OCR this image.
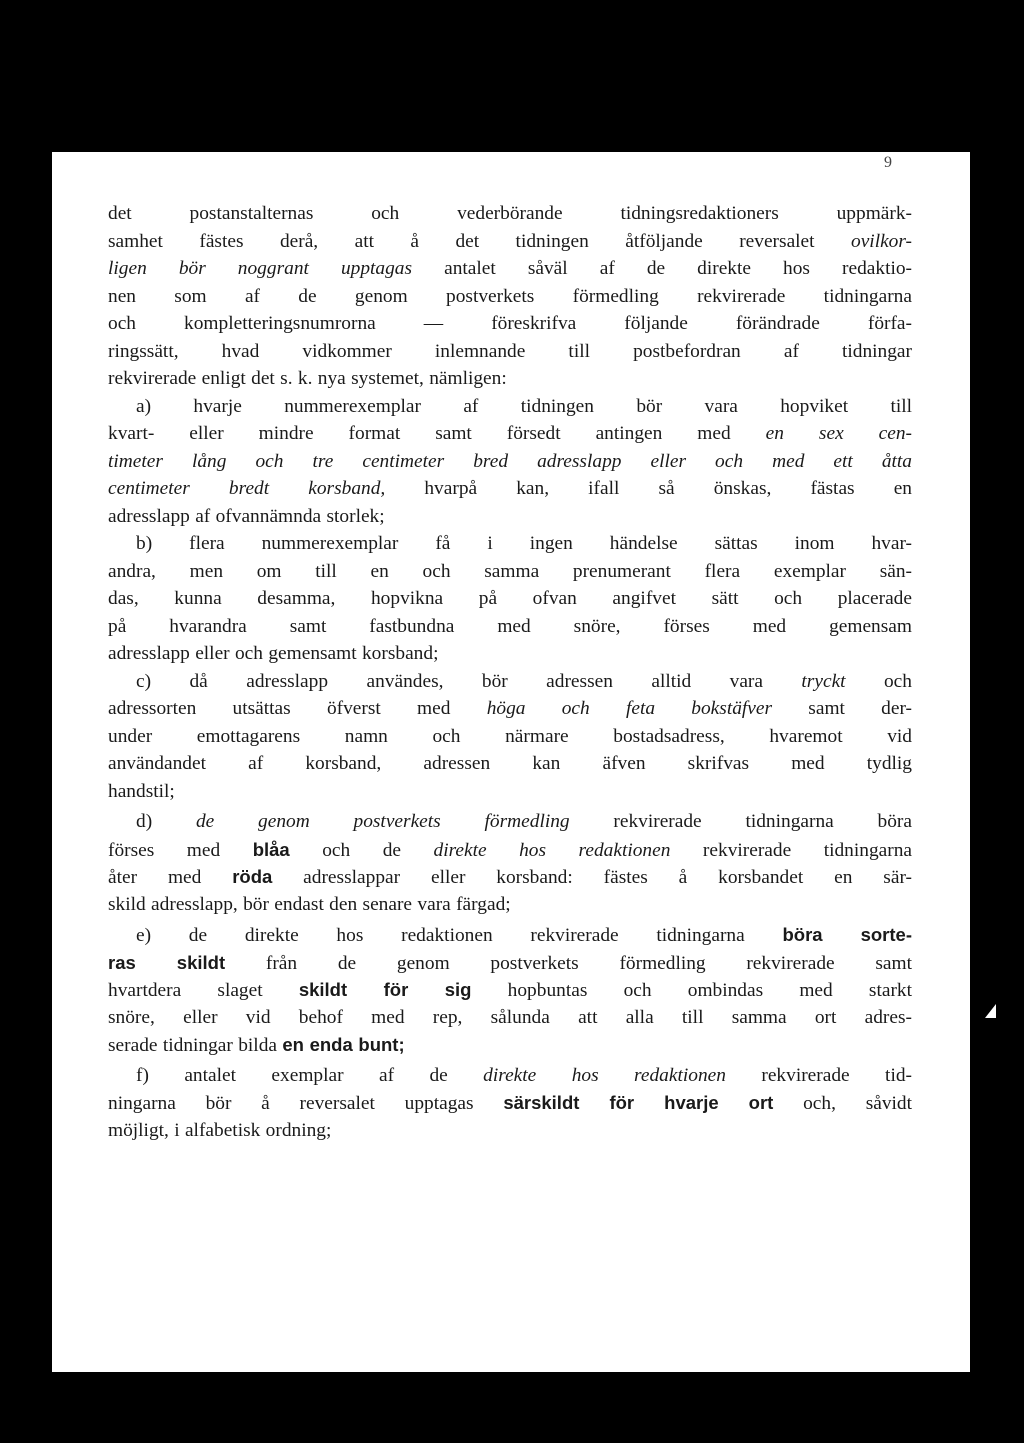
9
det postanstalternas och vederbörande tidningsredaktioners uppmärk-
samhet fästes derå, att å det tidningen åtföljande reversalet ovilkor-
ligen bör noggrant upptagas antalet såväl af de direkte hos redaktio-
nen som af de genom postverkets förmedling rekvirerade tidningarna
och kompletteringsnumrorna — föreskrifva följande förändrade förfa-
ringssätt, hvad vidkommer inlemnande till postbefordran af tidningar
rekvirerade enligt det s. k. nya systemet, nämligen:
a) hvarje nummerexemplar af tidningen bör vara hopviket till
kvart- eller mindre format samt försedt antingen med en sex cen-
timeter lång och tre centimeter bred adresslapp eller och med ett åtta
centimeter bredt korsband, hvarpå kan, ifall så önskas, fästas en
adresslapp af ofvannämnda storlek;
b) flera nummerexemplar få i ingen händelse sättas inom hvar-
andra, men om till en och samma prenumerant flera exemplar sän-
das, kunna desamma, hopvikna på ofvan angifvet sätt och placerade
på hvarandra samt fastbundna med snöre, förses med gemensam
adresslapp eller och gemensamt korsband;
c) då adresslapp användes, bör adressen alltid vara tryckt och
adressorten utsättas öfverst med höga och feta bokstäfver samt der-
under emottagarens namn och närmare bostadsadress, hvaremot vid
användandet af korsband, adressen kan äfven skrifvas med tydlig
handstil;
d) de genom postverkets förmedling rekvirerade tidningarna böra
förses med blåa och de direkte hos redaktionen rekvirerade tidningarna
åter med röda adresslappar eller korsband: fästes å korsbandet en sär-
skild adresslapp, bör endast den senare vara färgad;
e) de direkte hos redaktionen rekvirerade tidningarna böra sorte-
ras skildt från de genom postverkets förmedling rekvirerade samt
hvartdera slaget skildt för sig hopbuntas och ombindas med starkt
snöre, eller vid behof med rep, sålunda att alla till samma ort adres-
serade tidningar bilda en enda bunt;
f) antalet exemplar af de direkte hos redaktionen rekvirerade tid-
ningarna bör å reversalet upptagas särskildt för hvarje ort och, såvidt
möjligt, i alfabetisk ordning;
